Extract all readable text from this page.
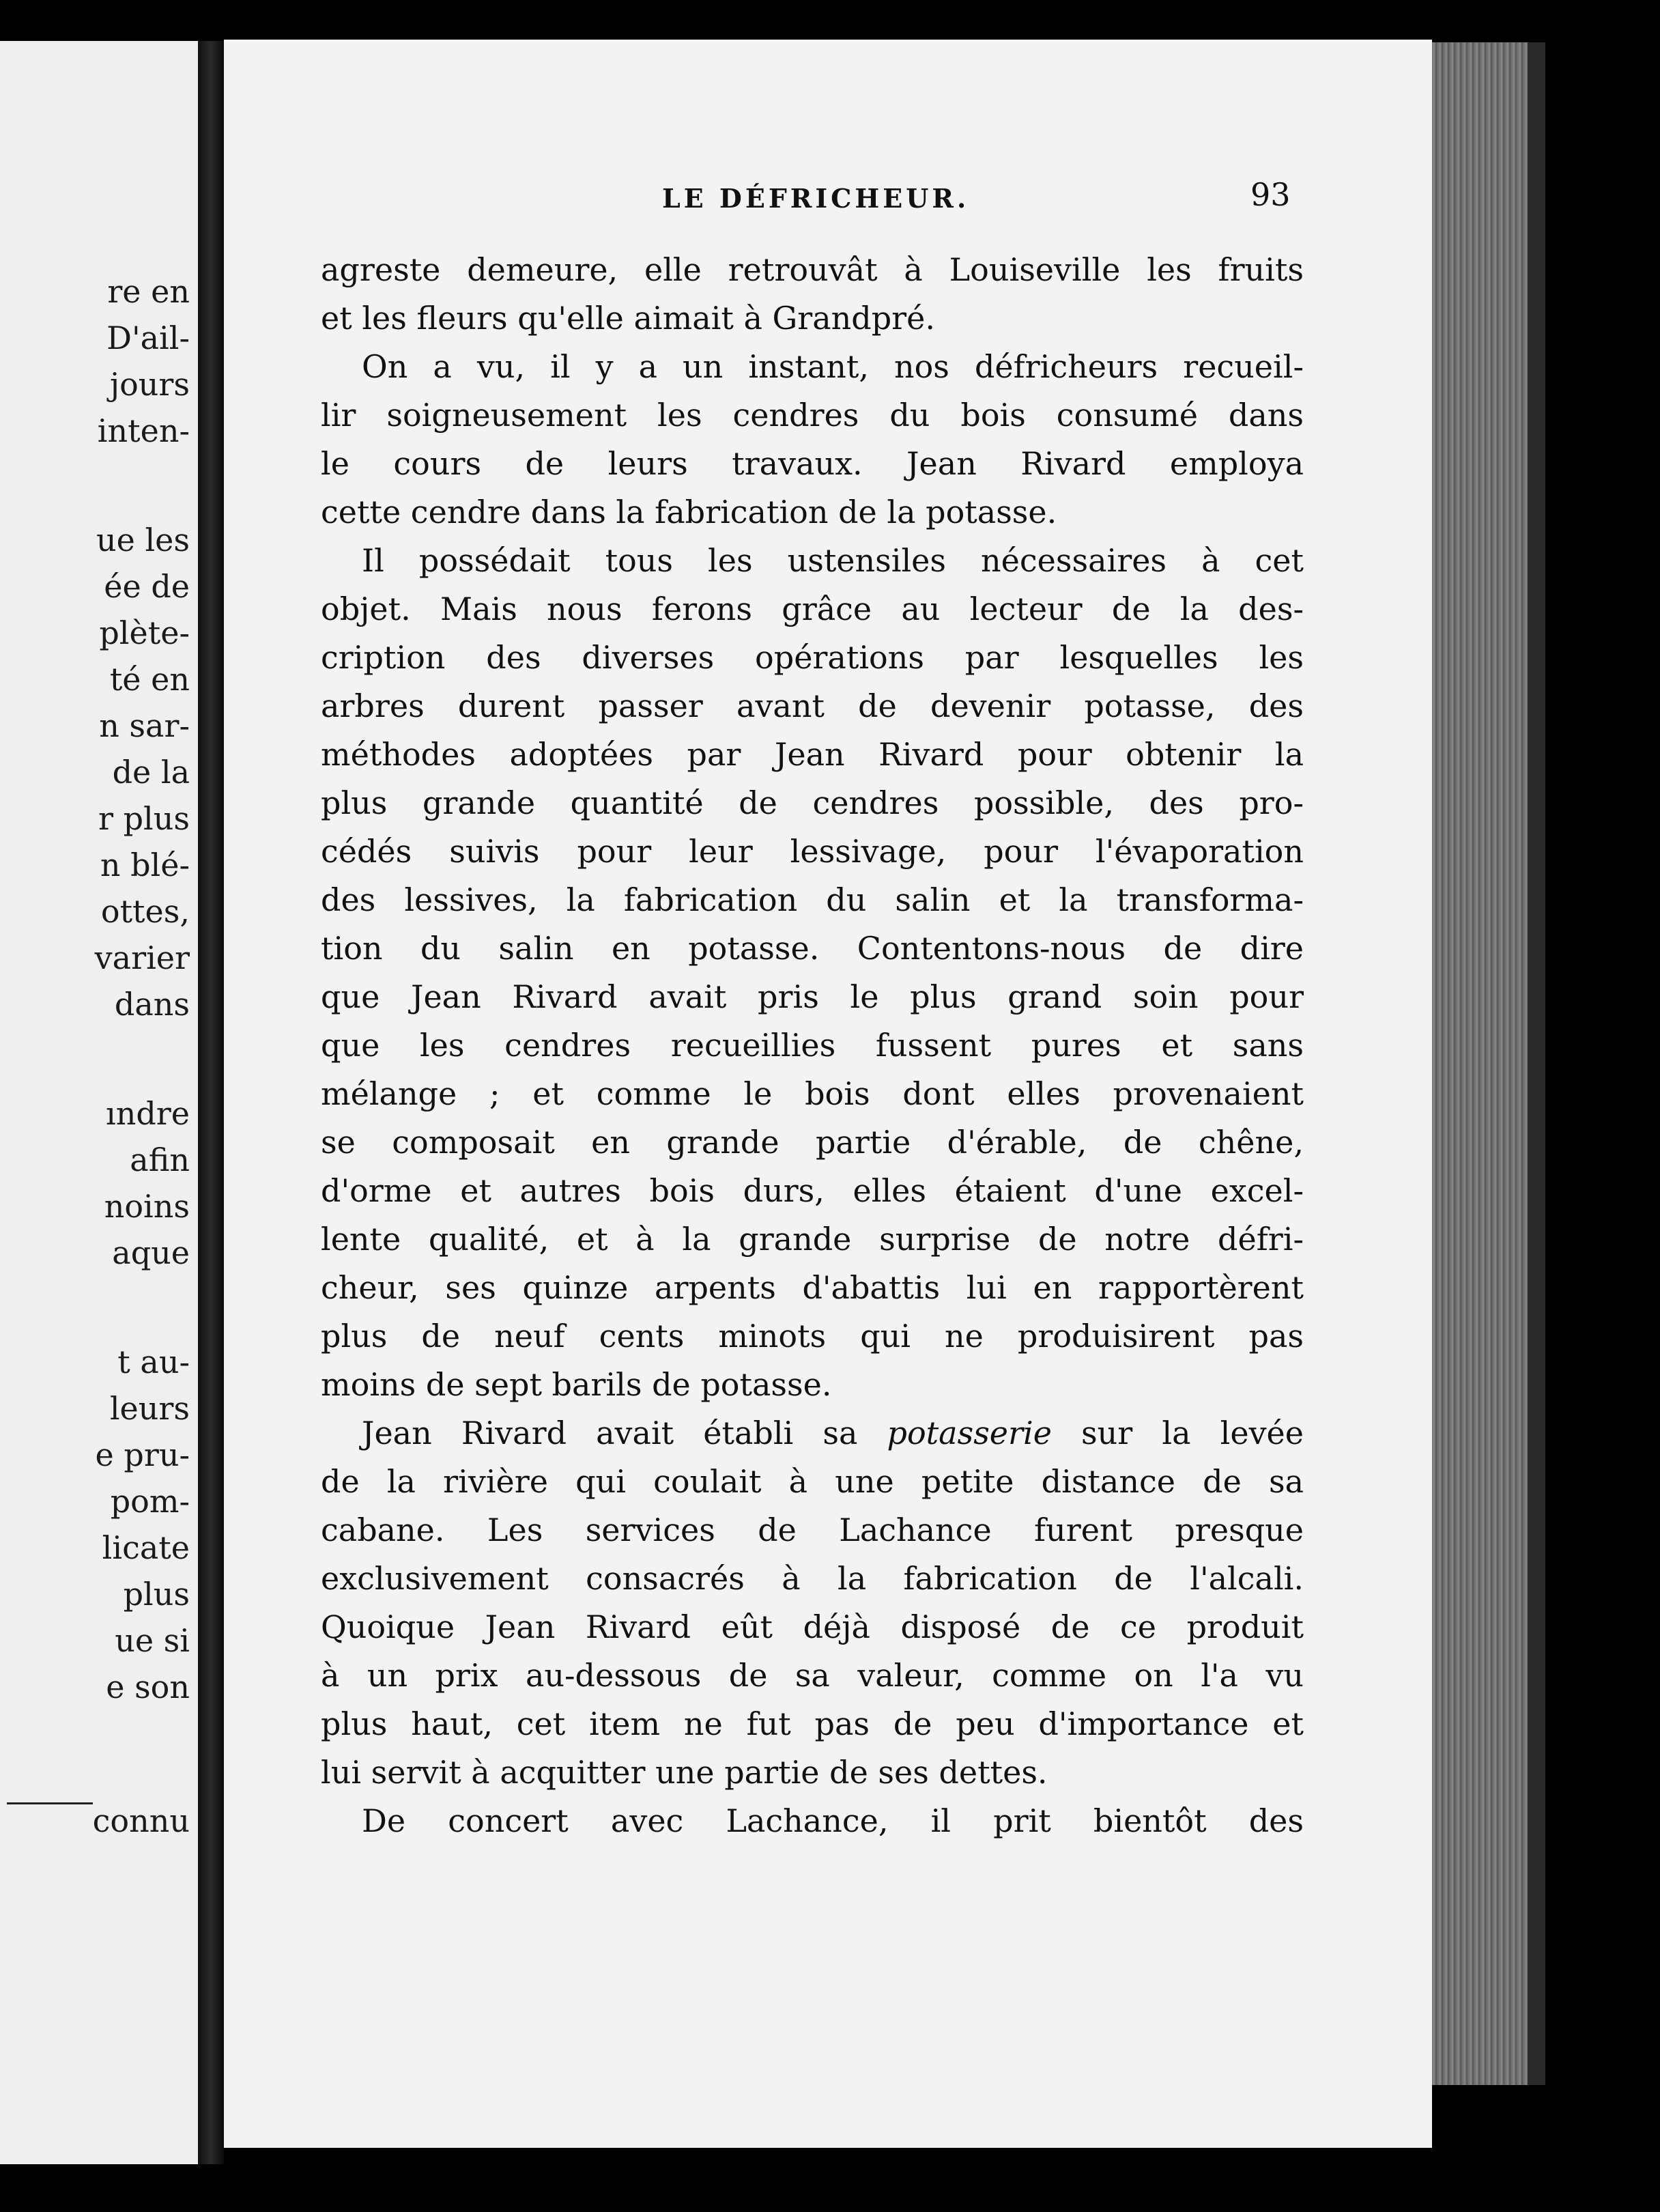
re en
D'ail-
jours
inten-
ue les
ée de
plète-
té en
n sar-
de la
r plus
n blé-
ottes,
varier
dans
ındre
afin
noins
aque
t au-
leurs
e pru-
pom-
licate
plus
ue si
e son
connu
LE DÉFRICHEUR.	93
agreste demeure, elle retrouvât à Louiseville les fruits
et les fleurs qu'elle aimait à Grandpré.
On a vu, il y a un instant, nos défricheurs recueil-
lir soigneusement les cendres du bois consumé dans
le cours de leurs travaux. Jean Rivard employa
cette cendre dans la fabrication de la potasse.
Il possédait tous les ustensiles nécessaires à cet
objet. Mais nous ferons grâce au lecteur de la des-
cription des diverses opérations par lesquelles les
arbres durent passer avant de devenir potasse, des
méthodes adoptées par Jean Rivard pour obtenir la
plus grande quantité de cendres possible, des pro-
cédés suivis pour leur lessivage, pour l'évaporation
des lessives, la fabrication du salin et la transforma-
tion du salin en potasse. Contentons-nous de dire
que Jean Rivard avait pris le plus grand soin pour
que les cendres recueillies fussent pures et sans
mélange ; et comme le bois dont elles provenaient
se composait en grande partie d'érable, de chêne,
d'orme et autres bois durs, elles étaient d'une excel-
lente qualité, et à la grande surprise de notre défri-
cheur, ses quinze arpents d'abattis lui en rapportèrent
plus de neuf cents minots qui ne produisirent pas
moins de sept barils de potasse.
Jean Rivard avait établi sa potasserie sur la levée
de la rivière qui coulait à une petite distance de sa
cabane. Les services de Lachance furent presque
exclusivement consacrés à la fabrication de l'alcali.
Quoique Jean Rivard eût déjà disposé de ce produit
à un prix au-dessous de sa valeur, comme on l'a vu
plus haut, cet item ne fut pas de peu d'importance et
lui servit à acquitter une partie de ses dettes.
De concert avec Lachance, il prit bientôt des
